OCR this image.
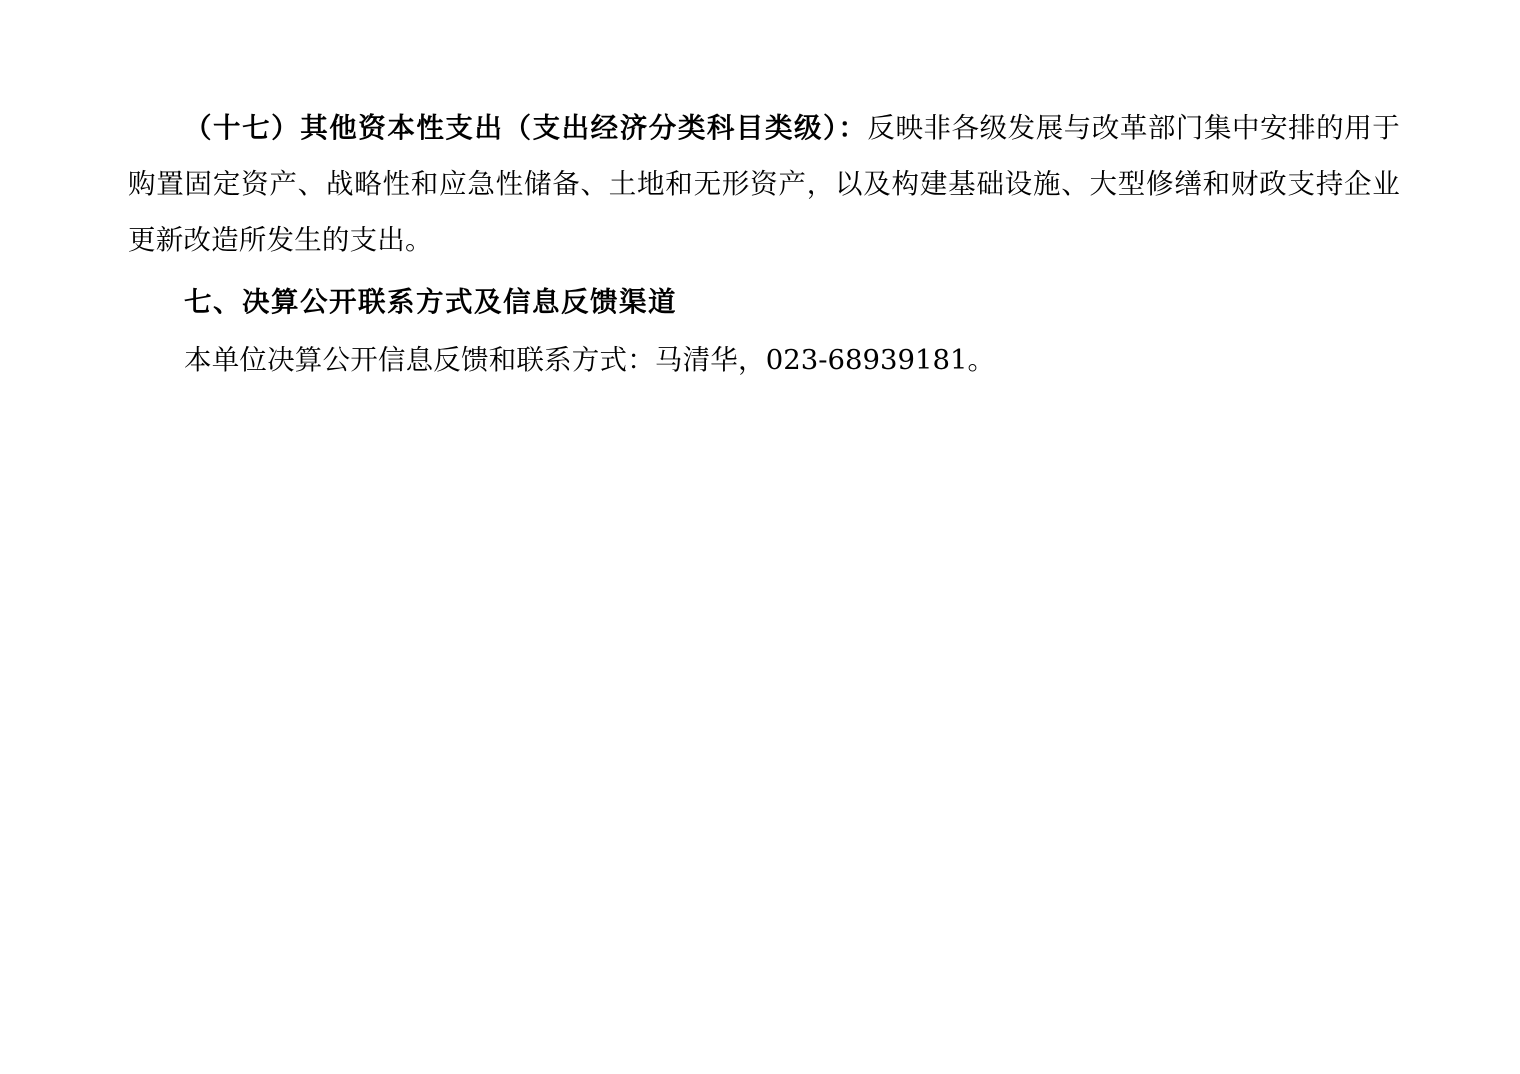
（十七）其他资本性支出（支出经济分类科目类级）：反映非各级发展与改革部门集中安排的用于购置固定资产、战略性和应急性储备、土地和无形资产，以及构建基础设施、大型修缮和财政支持企业更新改造所发生的支出。

七、决算公开联系方式及信息反馈渠道

本单位决算公开信息反馈和联系方式：马清华，023-68939181。
